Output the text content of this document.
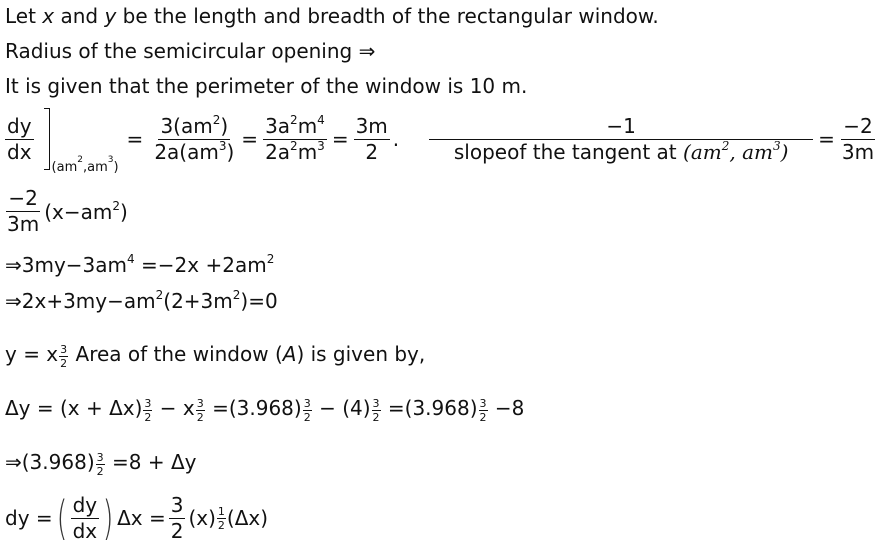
Let x and y be the length and breadth of the rectangular window.
Radius of the semicircular opening ⇒
It is given that the perimeter of the window is 10 m.
$\frac{dy}{dx}$
$(am^2,am^3)$
= $\frac{3(am^2)}{2a(am^3)} = \frac{3a^2m^4}{2a^2m^3} = \frac{3m}{2}$ . $\frac{-1}{slopeof the tangent at (am^2, am^3)} = \frac{-2}{3m}$
$\frac{-2}{3m} (x-am^2)$
$\Rightarrow 3my-3am^4 =-2x +2am^2$
$\Rightarrow 2x+3my-am^2(2+3m^2)=0$
y = x $\frac{3}{2}$ Area of the window (A) is given by,
$\Delta y = (x + \Delta x) \frac{3}{2} - x \frac{3}{2} =(3.968) \frac{3}{2} - (4) \frac{3}{2} =(3.968) \frac{3}{2} -8$
⇒(3.968) $\frac{3}{2} =8 + \Delta y$
dy = ( $\frac{dy}{dx}$ ) $\Delta x = \frac{3}{2} (x)$ 1
2 (Δx)
